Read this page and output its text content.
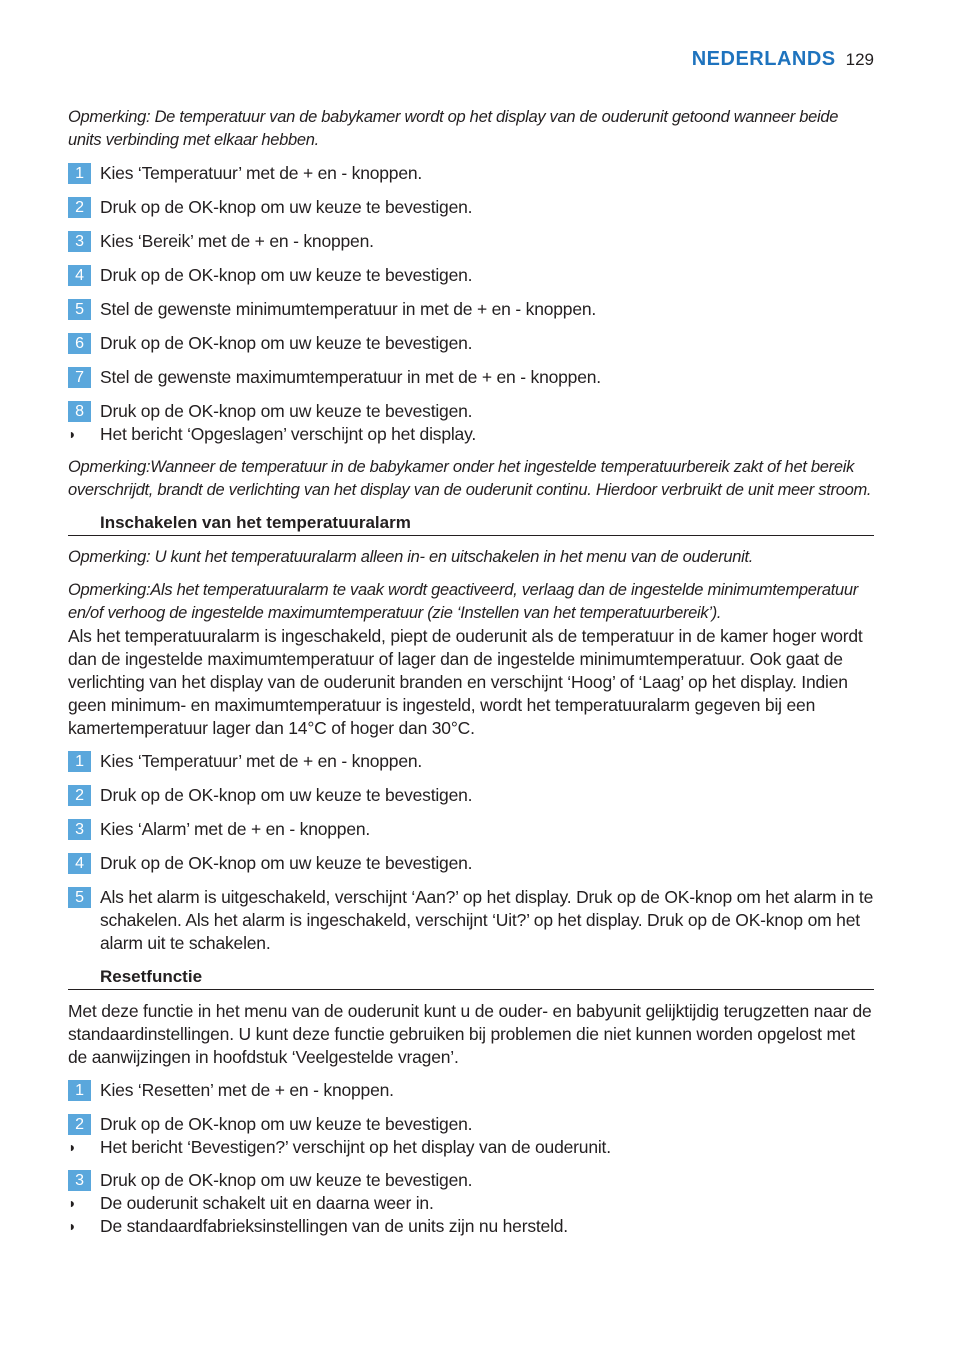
NEDERLANDS 129

Opmerking: De temperatuur van de babykamer wordt op het display van de ouderunit getoond wanneer beide units verbinding met elkaar hebben.

1 Kies ‘Temperatuur’ met de + en - knoppen.
2 Druk op de OK-knop om uw keuze te bevestigen.
3 Kies ‘Bereik’ met de + en - knoppen.
4 Druk op de OK-knop om uw keuze te bevestigen.
5 Stel de gewenste minimumtemperatuur in met de + en - knoppen.
6 Druk op de OK-knop om uw keuze te bevestigen.
7 Stel de gewenste maximumtemperatuur in met de + en - knoppen.
8 Druk op de OK-knop om uw keuze te bevestigen.
◗	Het bericht ‘Opgeslagen’ verschijnt op het display.

Opmerking:Wanneer de temperatuur in de babykamer onder het ingestelde temperatuurbereik zakt of het bereik overschrijdt, brandt de verlichting van het display van de ouderunit continu. Hierdoor verbruikt de unit meer stroom.

Inschakelen van het temperatuuralarm

Opmerking: U kunt het temperatuuralarm alleen in- en uitschakelen in het menu van de ouderunit.

Opmerking:Als het temperatuuralarm te vaak wordt geactiveerd, verlaag dan de ingestelde minimumtemperatuur en/of verhoog de ingestelde maximumtemperatuur (zie ‘Instellen van het temperatuurbereik’).

Als het temperatuuralarm is ingeschakeld, piept de ouderunit als de temperatuur in de kamer hoger wordt dan de ingestelde maximumtemperatuur of lager dan de ingestelde minimumtemperatuur. Ook gaat de verlichting van het display van de ouderunit branden en verschijnt ‘Hoog’ of ‘Laag’ op het display. Indien geen minimum- en maximumtemperatuur is ingesteld, wordt het temperatuuralarm gegeven bij een kamertemperatuur lager dan 14°C of hoger dan 30°C.

1 Kies ‘Temperatuur’ met de + en - knoppen.
2 Druk op de OK-knop om uw keuze te bevestigen.
3 Kies ‘Alarm’ met de + en - knoppen.
4 Druk op de OK-knop om uw keuze te bevestigen.
5 Als het alarm is uitgeschakeld, verschijnt ‘Aan?’ op het display. Druk op de OK-knop om het alarm in te schakelen. Als het alarm is ingeschakeld, verschijnt ‘Uit?’ op het display. Druk op de OK-knop om het alarm uit te schakelen.
Resetfunctie

Met deze functie in het menu van de ouderunit kunt u de ouder- en babyunit gelijktijdig terugzetten naar de standaardinstellingen. U kunt deze functie gebruiken bij problemen die niet kunnen worden opgelost met de aanwijzingen in hoofdstuk ‘Veelgestelde vragen’.

1 Kies ‘Resetten’ met de + en - knoppen.
2 Druk op de OK-knop om uw keuze te bevestigen.
◗	Het bericht ‘Bevestigen?’ verschijnt op het display van de ouderunit.
3 Druk op de OK-knop om uw keuze te bevestigen.
◗	De ouderunit schakelt uit en daarna weer in.
◗	De standaardfabrieksinstellingen van de units zijn nu hersteld.
